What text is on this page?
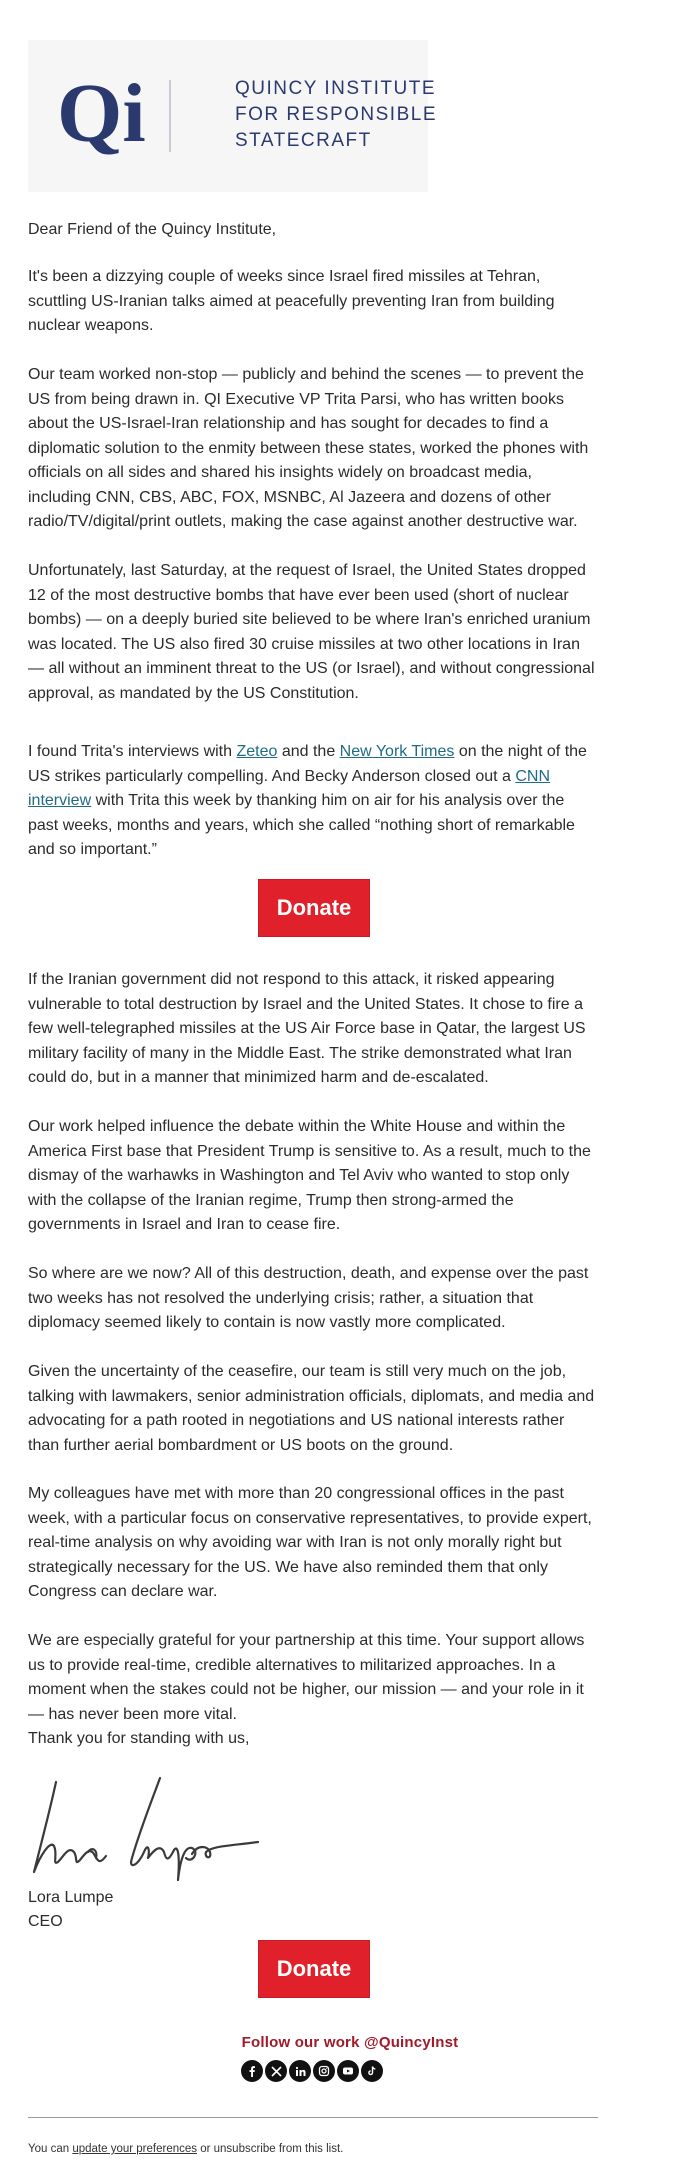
Qi	QUINCY INSTITUTE
FOR RESPONSIBLE
STATECRAFT
Dear Friend of the Quincy Institute,
It's been a dizzying couple of weeks since Israel fired missiles at Tehran, scuttling US-Iranian talks aimed at peacefully preventing Iran from building nuclear weapons.
Our team worked non-stop — publicly and behind the scenes — to prevent the US from being drawn in. QI Executive VP Trita Parsi, who has written books about the US-Israel-Iran relationship and has sought for decades to find a diplomatic solution to the enmity between these states, worked the phones with officials on all sides and shared his insights widely on broadcast media, including CNN, CBS, ABC, FOX, MSNBC, Al Jazeera and dozens of other radio/TV/digital/print outlets, making the case against another destructive war.
Unfortunately, last Saturday, at the request of Israel, the United States dropped 12 of the most destructive bombs that have ever been used (short of nuclear bombs) — on a deeply buried site believed to be where Iran's enriched uranium was located. The US also fired 30 cruise missiles at two other locations in Iran — all without an imminent threat to the US (or Israel), and without congressional approval, as mandated by the US Constitution.
I found Trita's interviews with Zeteo and the New York Times on the night of the US strikes particularly compelling. And Becky Anderson closed out a CNN interview with Trita this week by thanking him on air for his analysis over the past weeks, months and years, which she called “nothing short of remarkable and so important.”
Donate
If the Iranian government did not respond to this attack, it risked appearing vulnerable to total destruction by Israel and the United States. It chose to fire a few well-telegraphed missiles at the US Air Force base in Qatar, the largest US military facility of many in the Middle East. The strike demonstrated what Iran could do, but in a manner that minimized harm and de-escalated.
Our work helped influence the debate within the White House and within the America First base that President Trump is sensitive to. As a result, much to the dismay of the warhawks in Washington and Tel Aviv who wanted to stop only with the collapse of the Iranian regime, Trump then strong-armed the governments in Israel and Iran to cease fire.
So where are we now? All of this destruction, death, and expense over the past two weeks has not resolved the underlying crisis; rather, a situation that diplomacy seemed likely to contain is now vastly more complicated.
Given the uncertainty of the ceasefire, our team is still very much on the job, talking with lawmakers, senior administration officials, diplomats, and media and advocating for a path rooted in negotiations and US national interests rather than further aerial bombardment or US boots on the ground.
My colleagues have met with more than 20 congressional offices in the past week, with a particular focus on conservative representatives, to provide expert, real-time analysis on why avoiding war with Iran is not only morally right but strategically necessary for the US. We have also reminded them that only Congress can declare war.
We are especially grateful for your partnership at this time. Your support allows us to provide real-time, credible alternatives to militarized approaches. In a moment when the stakes could not be higher, our mission — and your role in it — has never been more vital.
Thank you for standing with us,
Lora Lumpe
CEO
Donate
Follow our work @QuincyInst
You can update your preferences or unsubscribe from this list.
